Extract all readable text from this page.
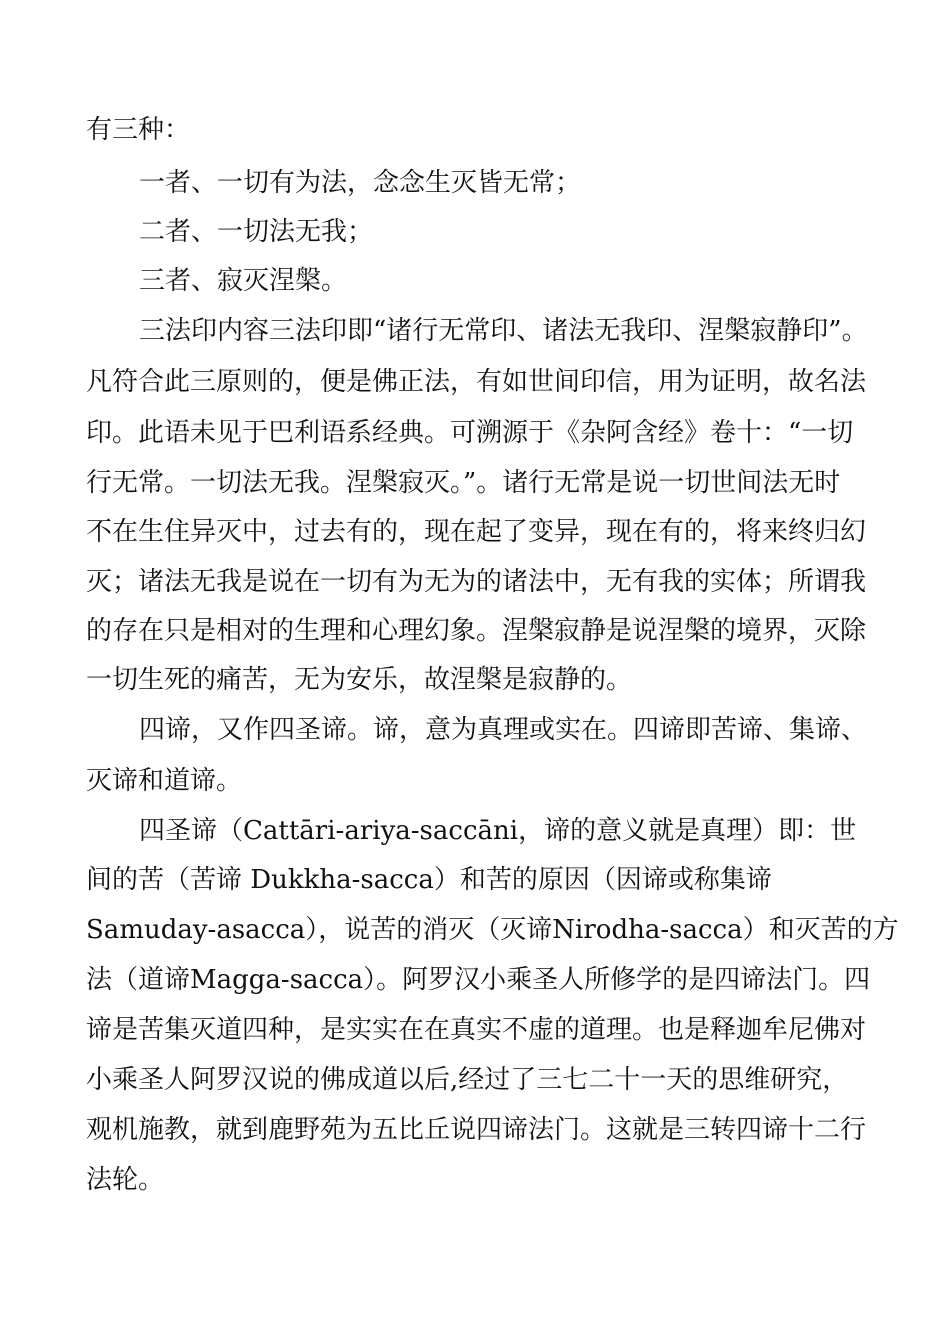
有三种：
一者、一切有为法，念念生灭皆无常；
二者、一切法无我；
三者、寂灭涅槃。
三法印内容三法印即“诸行无常印、诸法无我印、涅槃寂静印”。
凡符合此三原则的，便是佛正法，有如世间印信，用为证明，故名法
印。此语未见于巴利语系经典。可溯源于《杂阿含经》卷十：“一切
行无常。一切法无我。涅槃寂灭。”。诸行无常是说一切世间法无时
不在生住异灭中，过去有的，现在起了变异，现在有的，将来终归幻
灭；诸法无我是说在一切有为无为的诸法中，无有我的实体；所谓我
的存在只是相对的生理和心理幻象。涅槃寂静是说涅槃的境界，灭除
一切生死的痛苦，无为安乐，故涅槃是寂静的。
四谛，又作四圣谛。谛，意为真理或实在。四谛即苦谛、集谛、
灭谛和道谛。
四圣谛（Cattāri-ariya-saccāni，谛的意义就是真理）即：世
间的苦（苦谛 Dukkha-sacca）和苦的原因（因谛或称集谛
Samuday-asacca），说苦的消灭（灭谛Nirodha-sacca）和灭苦的方
法（道谛Magga-sacca）。阿罗汉小乘圣人所修学的是四谛法门。四
谛是苦集灭道四种，是实实在在真实不虚的道理。也是释迦牟尼佛对
小乘圣人阿罗汉说的佛成道以后,经过了三七二十一天的思维研究，
观机施教，就到鹿野苑为五比丘说四谛法门。这就是三转四谛十二行
法轮。
